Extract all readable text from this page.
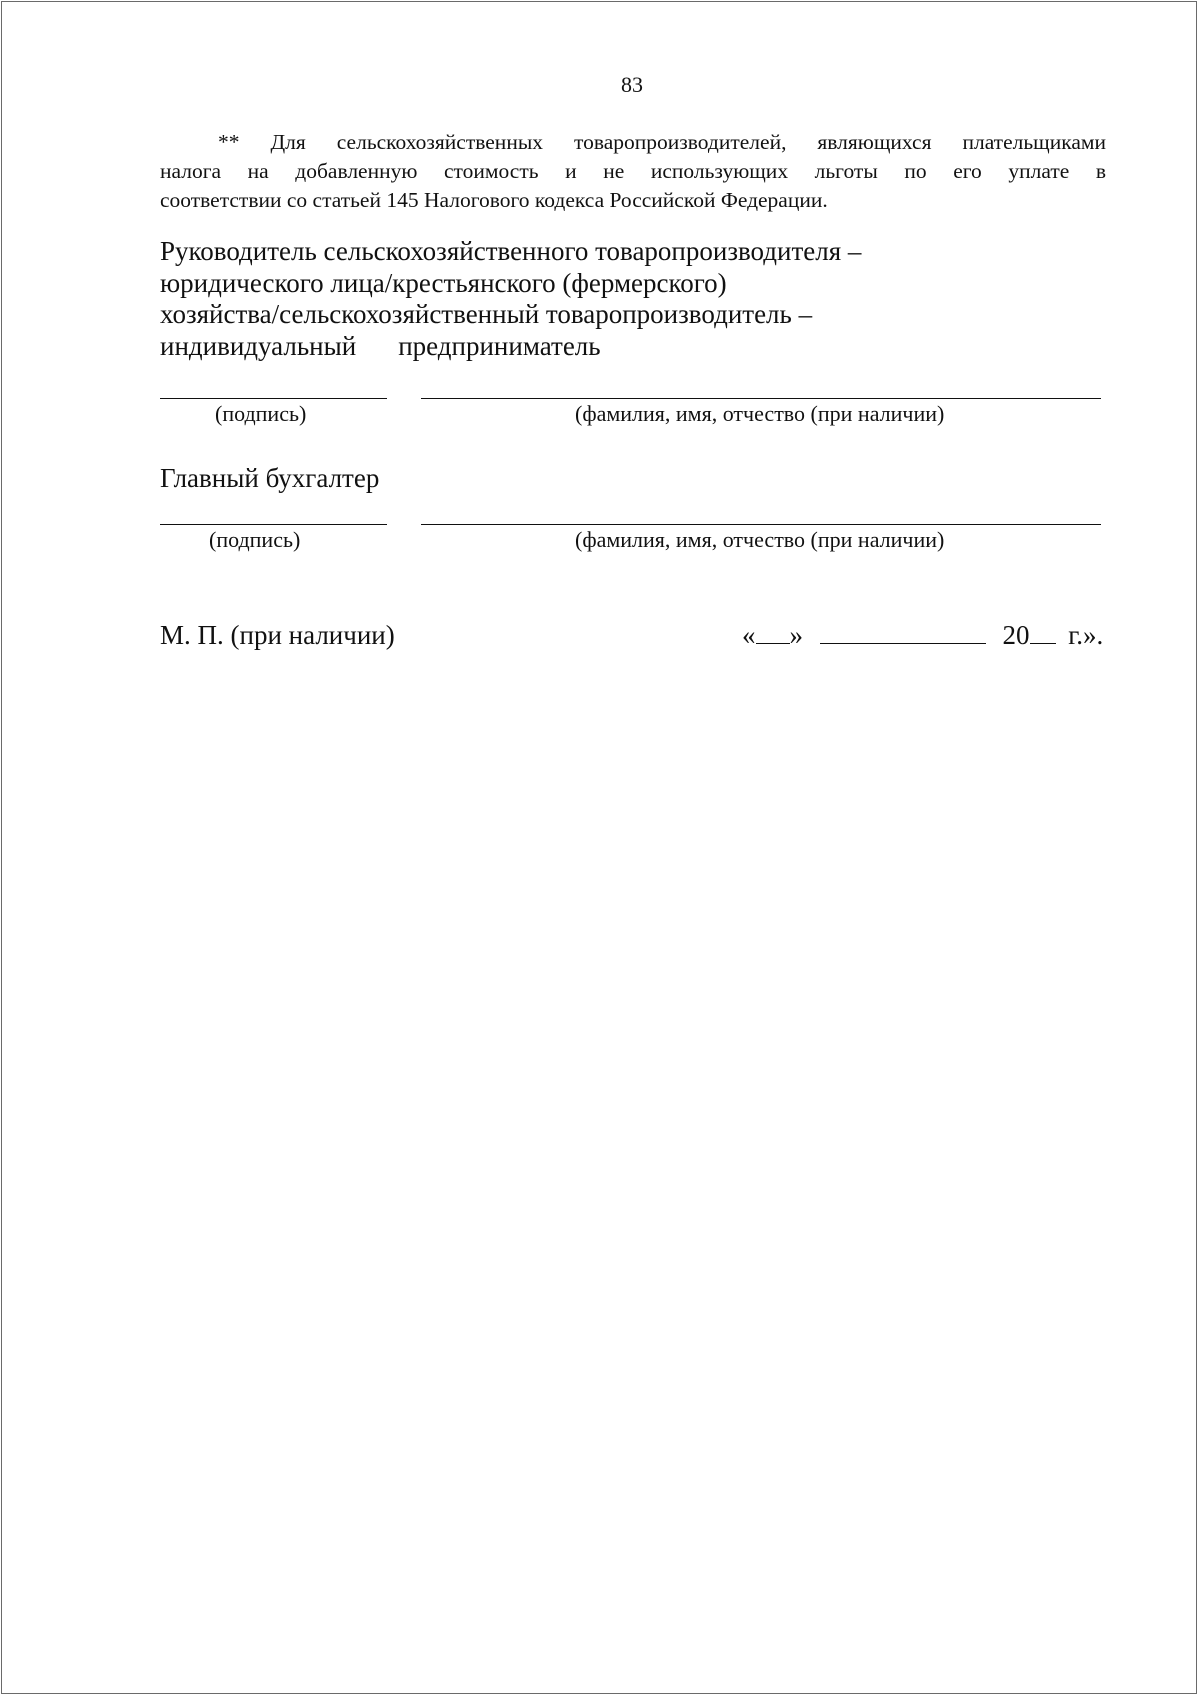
83
** Для сельскохозяйственных товаропроизводителей, являющихся плательщиками
налога на добавленную стоимость и не использующих льготы по его уплате в
соответствии со статьей 145 Налогового кодекса Российской Федерации.
Руководитель сельскохозяйственного товаропроизводителя –
юридического лица/крестьянского (фермерского)
хозяйства/сельскохозяйственный товаропроизводитель –
индивидуальный предприниматель
(подпись)	(фамилия, имя, отчество (при наличии)
Главный бухгалтер
(подпись)	(фамилия, имя, отчество (при наличии)
М. П. (при наличии)	« »	20 г.».
